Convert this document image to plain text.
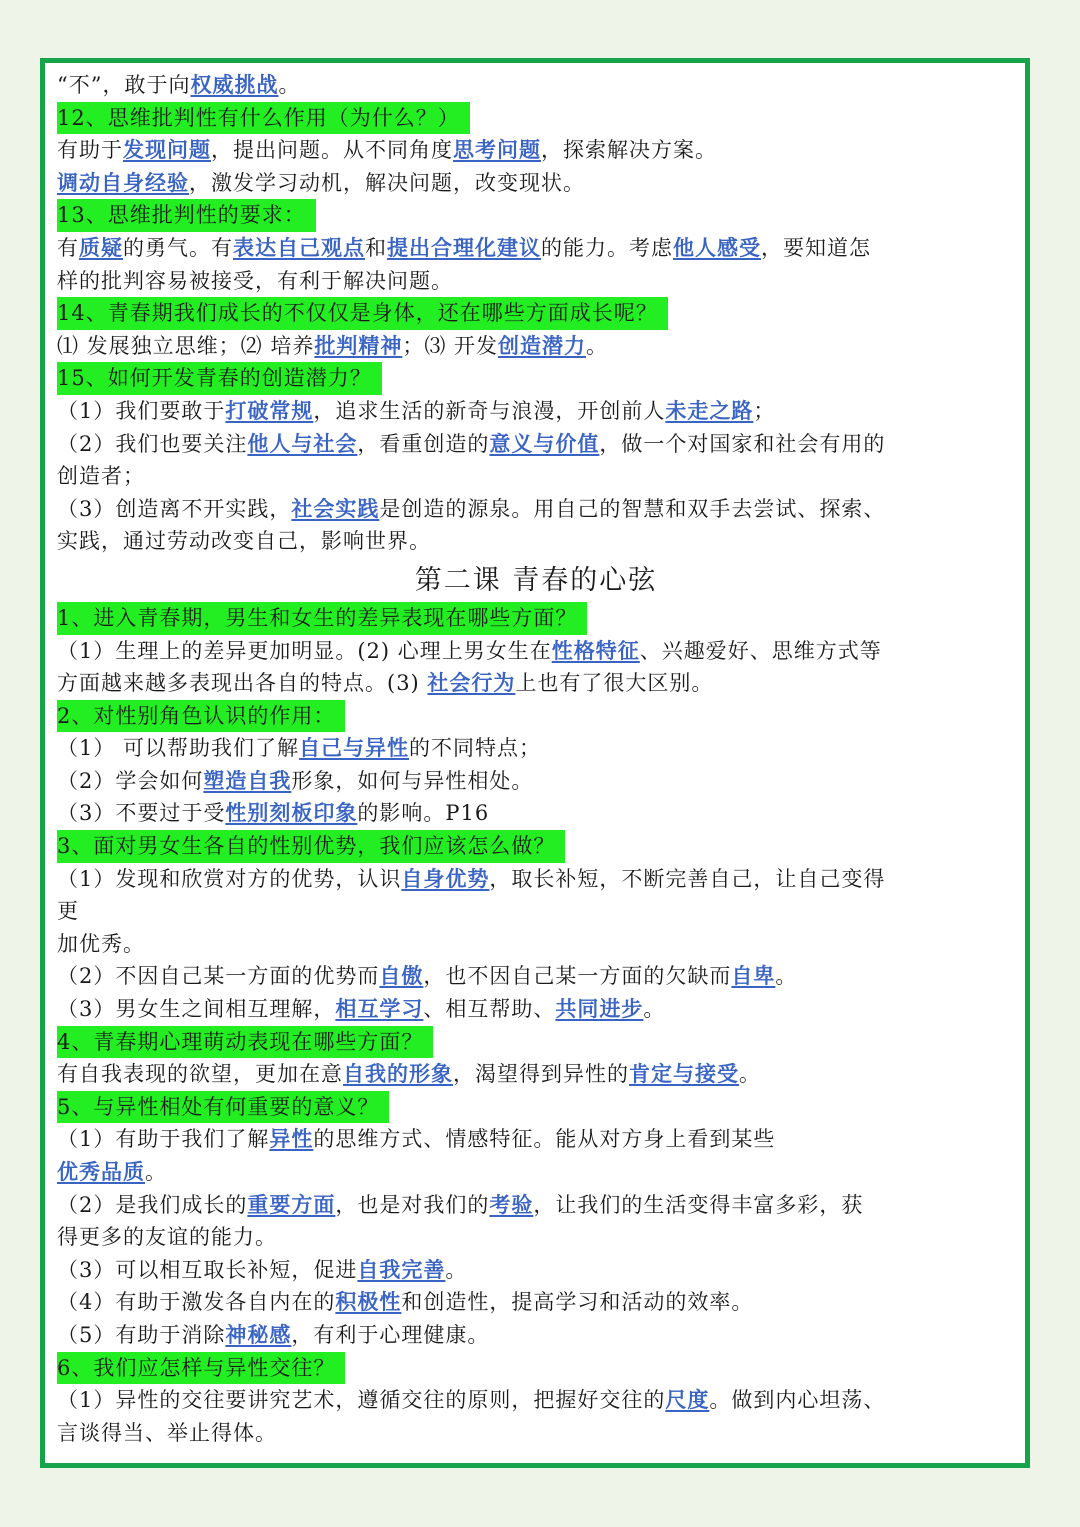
“不”，敢于向权威挑战。
12、思维批判性有什么作用（为什么？）
有助于发现问题，提出问题。从不同角度思考问题，探索解决方案。
调动自身经验，激发学习动机，解决问题，改变现状。
13、思维批判性的要求：
有质疑的勇气。有表达自己观点和提出合理化建议的能力。考虑他人感受，要知道怎
样的批判容易被接受，有利于解决问题。
14、青春期我们成长的不仅仅是身体，还在哪些方面成长呢？
⑴ 发展独立思维；⑵ 培养批判精神；⑶ 开发创造潜力。
15、如何开发青春的创造潜力？
（1）我们要敢于打破常规，追求生活的新奇与浪漫，开创前人未走之路；
（2）我们也要关注他人与社会，看重创造的意义与价值，做一个对国家和社会有用的
创造者；
（3）创造离不开实践，社会实践是创造的源泉。用自己的智慧和双手去尝试、探索、
实践，通过劳动改变自己，影响世界。
第二课 青春的心弦
1、进入青春期，男生和女生的差异表现在哪些方面？
（1）生理上的差异更加明显。(2) 心理上男女生在性格特征、兴趣爱好、思维方式等
方面越来越多表现出各自的特点。(3) 社会行为上也有了很大区别。
2、对性别角色认识的作用：
（1） 可以帮助我们了解自己与异性的不同特点；
（2）学会如何塑造自我形象，如何与异性相处。
（3）不要过于受性别刻板印象的影响。P16
3、面对男女生各自的性别优势，我们应该怎么做？
（1）发现和欣赏对方的优势，认识自身优势，取长补短，不断完善自己，让自己变得
更
加优秀。
（2）不因自己某一方面的优势而自傲，也不因自己某一方面的欠缺而自卑。
（3）男女生之间相互理解，相互学习、相互帮助、共同进步。
4、青春期心理萌动表现在哪些方面？
有自我表现的欲望，更加在意自我的形象，渴望得到异性的肯定与接受。
5、与异性相处有何重要的意义？
（1）有助于我们了解异性的思维方式、情感特征。能从对方身上看到某些
优秀品质。
（2）是我们成长的重要方面，也是对我们的考验，让我们的生活变得丰富多彩，获
得更多的友谊的能力。
（3）可以相互取长补短，促进自我完善。
（4）有助于激发各自内在的积极性和创造性，提高学习和活动的效率。
（5）有助于消除神秘感，有利于心理健康。
6、我们应怎样与异性交往？
（1）异性的交往要讲究艺术，遵循交往的原则，把握好交往的尺度。做到内心坦荡、
言谈得当、举止得体。
